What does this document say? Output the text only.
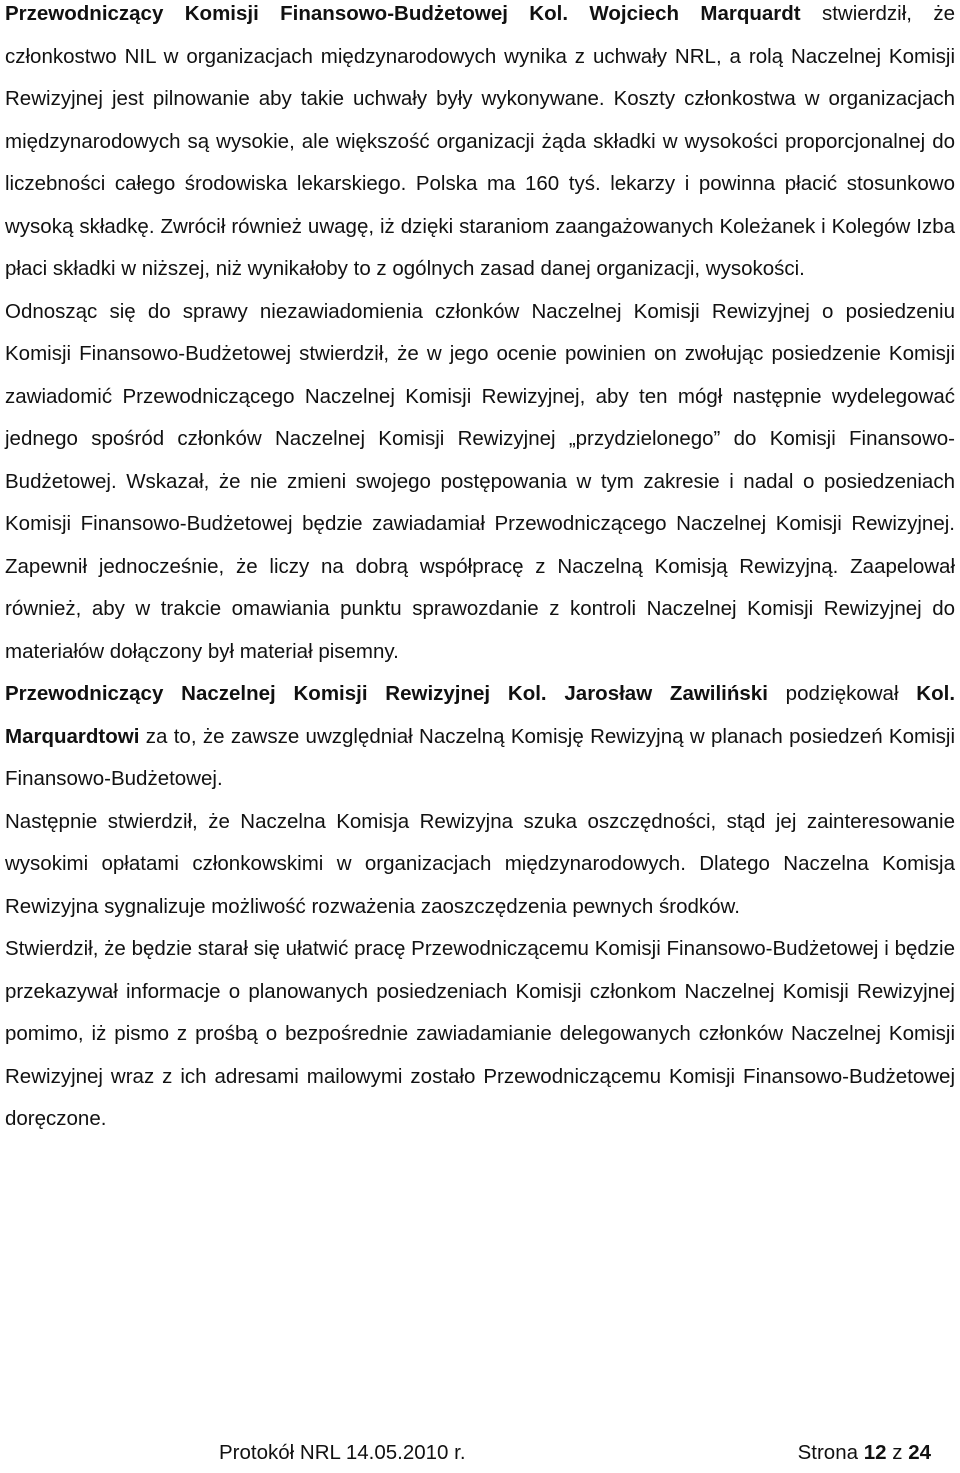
Przewodniczący Komisji Finansowo-Budżetowej Kol. Wojciech Marquardt stwierdził, że członkostwo NIL w organizacjach międzynarodowych wynika z uchwały NRL, a rolą Naczelnej Komisji Rewizyjnej jest pilnowanie aby takie uchwały były wykonywane. Koszty członkostwa w organizacjach międzynarodowych są wysokie, ale większość organizacji żąda składki w wysokości proporcjonalnej do liczebności całego środowiska lekarskiego. Polska ma 160 tyś. lekarzy i powinna płacić stosunkowo wysoką składkę. Zwrócił również uwagę, iż dzięki staraniom zaangażowanych Koleżanek i Kolegów Izba płaci składki w niższej, niż wynikałoby to z ogólnych zasad danej organizacji, wysokości.

Odnosząc się do sprawy niezawiadomienia członków Naczelnej Komisji Rewizyjnej o posiedzeniu Komisji Finansowo-Budżetowej stwierdził, że w jego ocenie powinien on zwołując posiedzenie Komisji zawiadomić Przewodniczącego Naczelnej Komisji Rewizyjnej, aby ten mógł następnie wydelegować jednego spośród członków Naczelnej Komisji Rewizyjnej „przydzielonego” do Komisji Finansowo-Budżetowej. Wskazał, że nie zmieni swojego postępowania w tym zakresie i nadal o posiedzeniach Komisji Finansowo-Budżetowej będzie zawiadamiał Przewodniczącego Naczelnej Komisji Rewizyjnej. Zapewnił jednocześnie, że liczy na dobrą współpracę z Naczelną Komisją Rewizyjną. Zaapelował również, aby w trakcie omawiania punktu sprawozdanie z kontroli Naczelnej Komisji Rewizyjnej do materiałów dołączony był materiał pisemny.

Przewodniczący Naczelnej Komisji Rewizyjnej Kol. Jarosław Zawiliński podziękował Kol. Marquardtowi za to, że zawsze uwzględniał Naczelną Komisję Rewizyjną w planach posiedzeń Komisji Finansowo-Budżetowej.

Następnie stwierdził, że Naczelna Komisja Rewizyjna szuka oszczędności, stąd jej zainteresowanie wysokimi opłatami członkowskimi w organizacjach międzynarodowych. Dlatego Naczelna Komisja Rewizyjna sygnalizuje możliwość rozważenia zaoszczędzenia pewnych środków.

Stwierdził, że będzie starał się ułatwić pracę Przewodniczącemu Komisji Finansowo-Budżetowej i będzie przekazywał informacje o planowanych posiedzeniach Komisji członkom Naczelnej Komisji Rewizyjnej pomimo, iż pismo z prośbą o bezpośrednie zawiadamianie delegowanych członków Naczelnej Komisji Rewizyjnej wraz z ich adresami mailowymi zostało Przewodniczącemu Komisji Finansowo-Budżetowej doręczone.

Protokół NRL 14.05.2010 r.	Strona 12 z 24
